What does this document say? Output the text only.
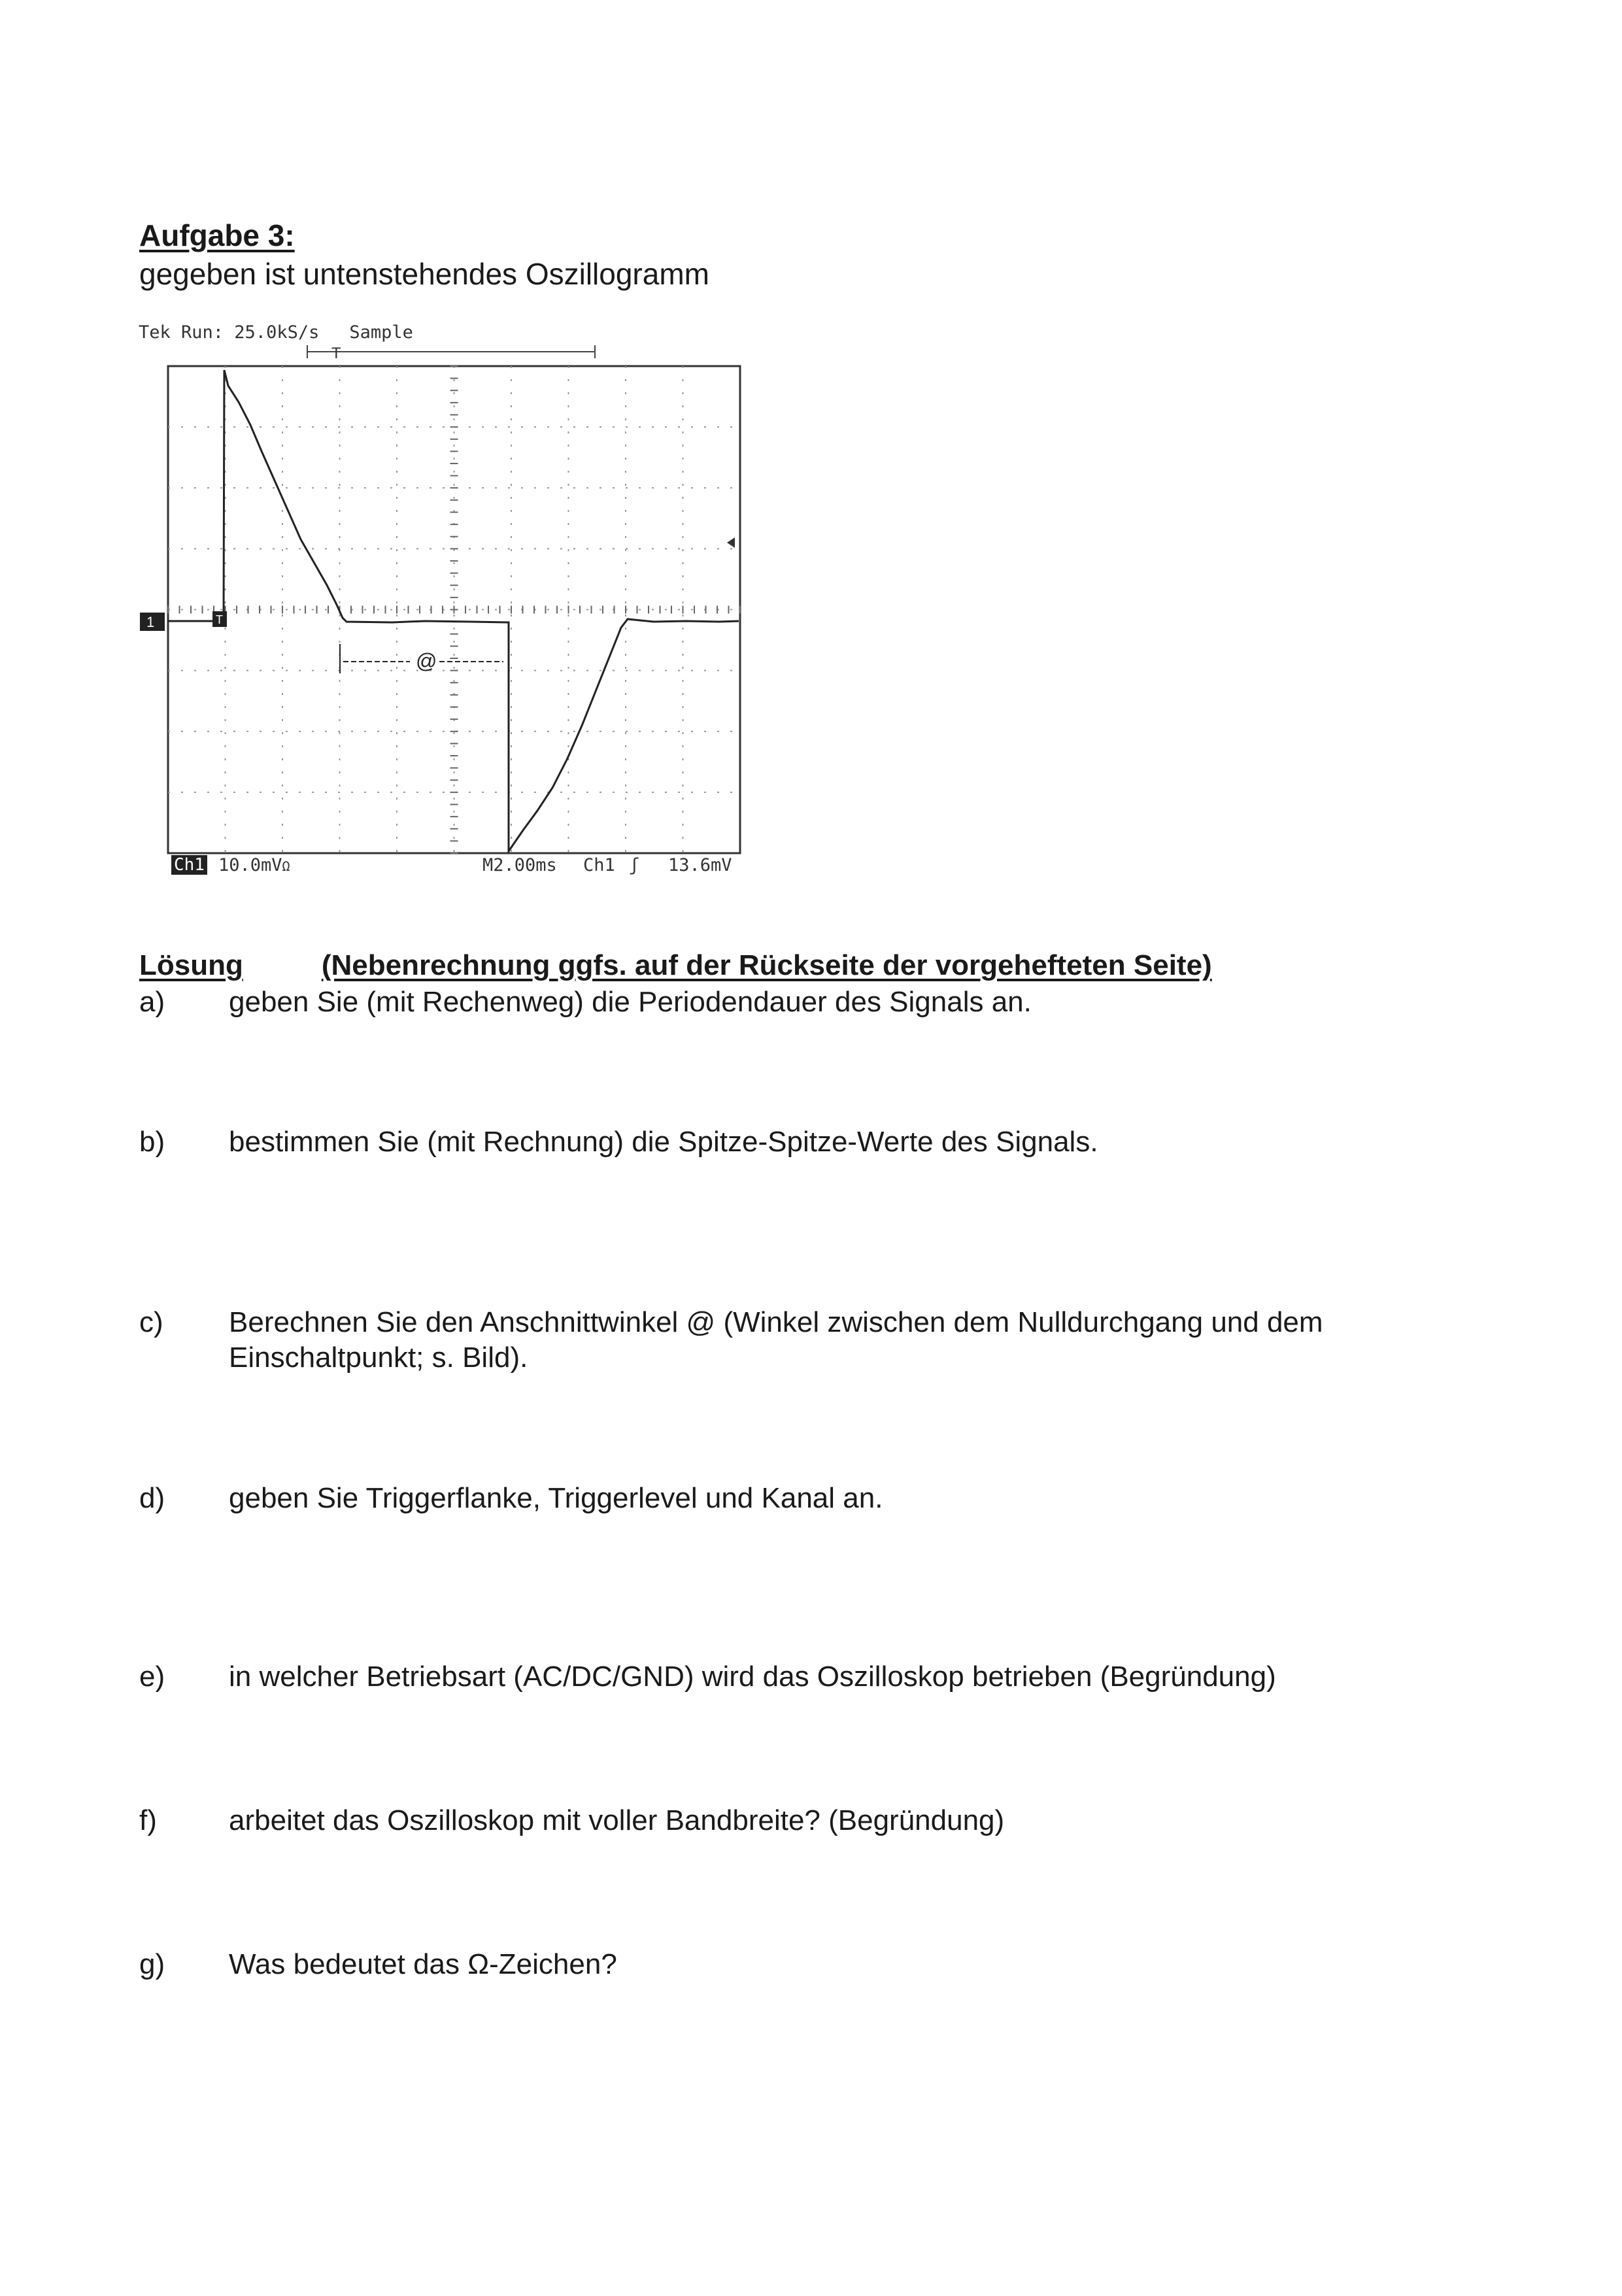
Aufgabe 3:
gegeben ist untenstehendes Oszillogramm
Tek Run: 25.0kS/s Sample
T
@
1	T
Ch1 10.0mVΩ	M2.00ms Ch1 ʃ 13.6mV
Lösung	(Nebenrechnung ggfs. auf der Rückseite der vorgehefteten Seite)
a) geben Sie (mit Rechenweg) die Periodendauer des Signals an.
b) bestimmen Sie (mit Rechnung) die Spitze-Spitze-Werte des Signals.
c) Berechnen Sie den Anschnittwinkel @ (Winkel zwischen dem Nulldurchgang und dem Einschaltpunkt; s. Bild).
d) geben Sie Triggerflanke, Triggerlevel und Kanal an.
e) in welcher Betriebsart (AC/DC/GND) wird das Oszilloskop betrieben (Begründung)
f)	arbeitet das Oszilloskop mit voller Bandbreite? (Begründung)
g) Was bedeutet das Ω-Zeichen?
